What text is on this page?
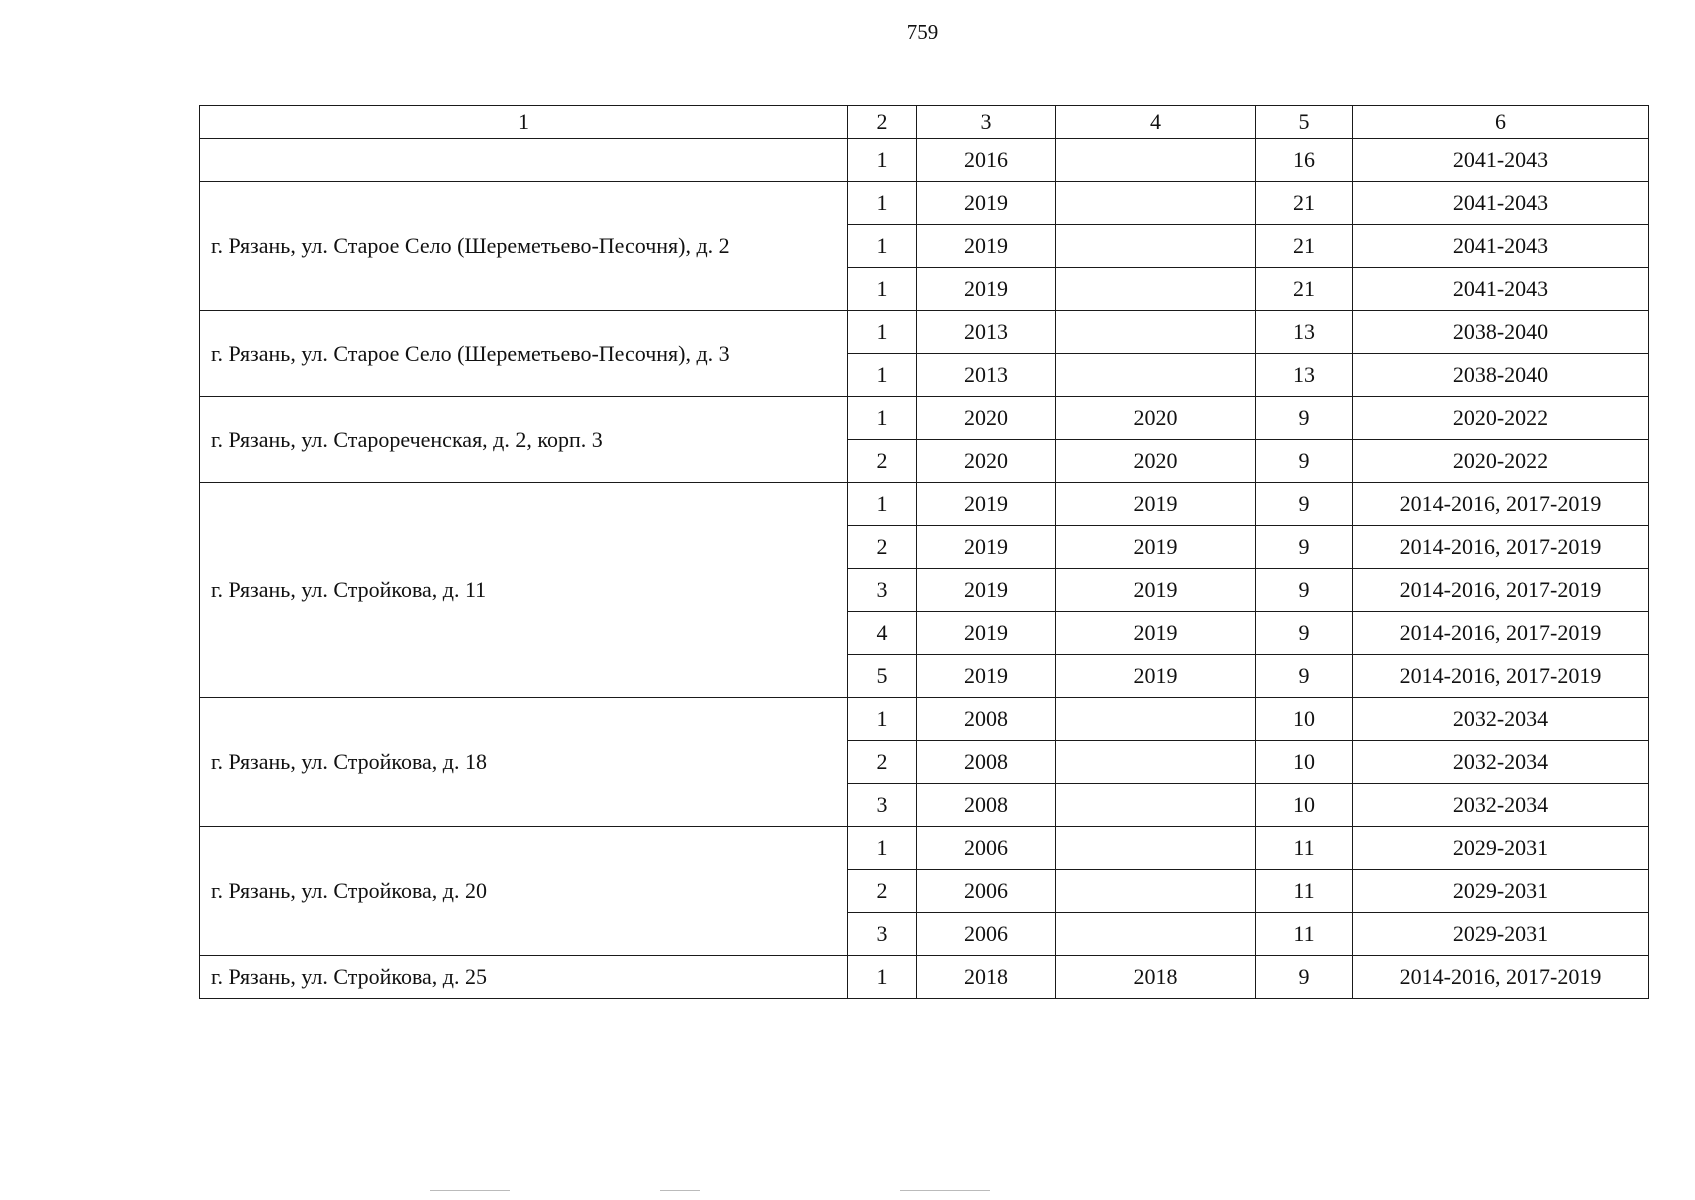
759
1	2	3	4	5	6
	1	2016		16	2041-2043
г. Рязань, ул. Старое Село (Шереметьево-Песочня), д. 2	1	2019		21	2041-2043
	1	2019		21	2041-2043
	1	2019		21	2041-2043
г. Рязань, ул. Старое Село (Шереметьево-Песочня), д. 3	1	2013		13	2038-2040
	1	2013		13	2038-2040
г. Рязань, ул. Старореченская, д. 2, корп. 3	1	2020	2020	9	2020-2022
	2	2020	2020	9	2020-2022
г. Рязань, ул. Стройкова, д. 11	1	2019	2019	9	2014-2016, 2017-2019
	2	2019	2019	9	2014-2016, 2017-2019
	3	2019	2019	9	2014-2016, 2017-2019
	4	2019	2019	9	2014-2016, 2017-2019
	5	2019	2019	9	2014-2016, 2017-2019
г. Рязань, ул. Стройкова, д. 18	1	2008		10	2032-2034
	2	2008		10	2032-2034
	3	2008		10	2032-2034
г. Рязань, ул. Стройкова, д. 20	1	2006		11	2029-2031
	2	2006		11	2029-2031
	3	2006		11	2029-2031
г. Рязань, ул. Стройкова, д. 25	1	2018	2018	9	2014-2016, 2017-2019
